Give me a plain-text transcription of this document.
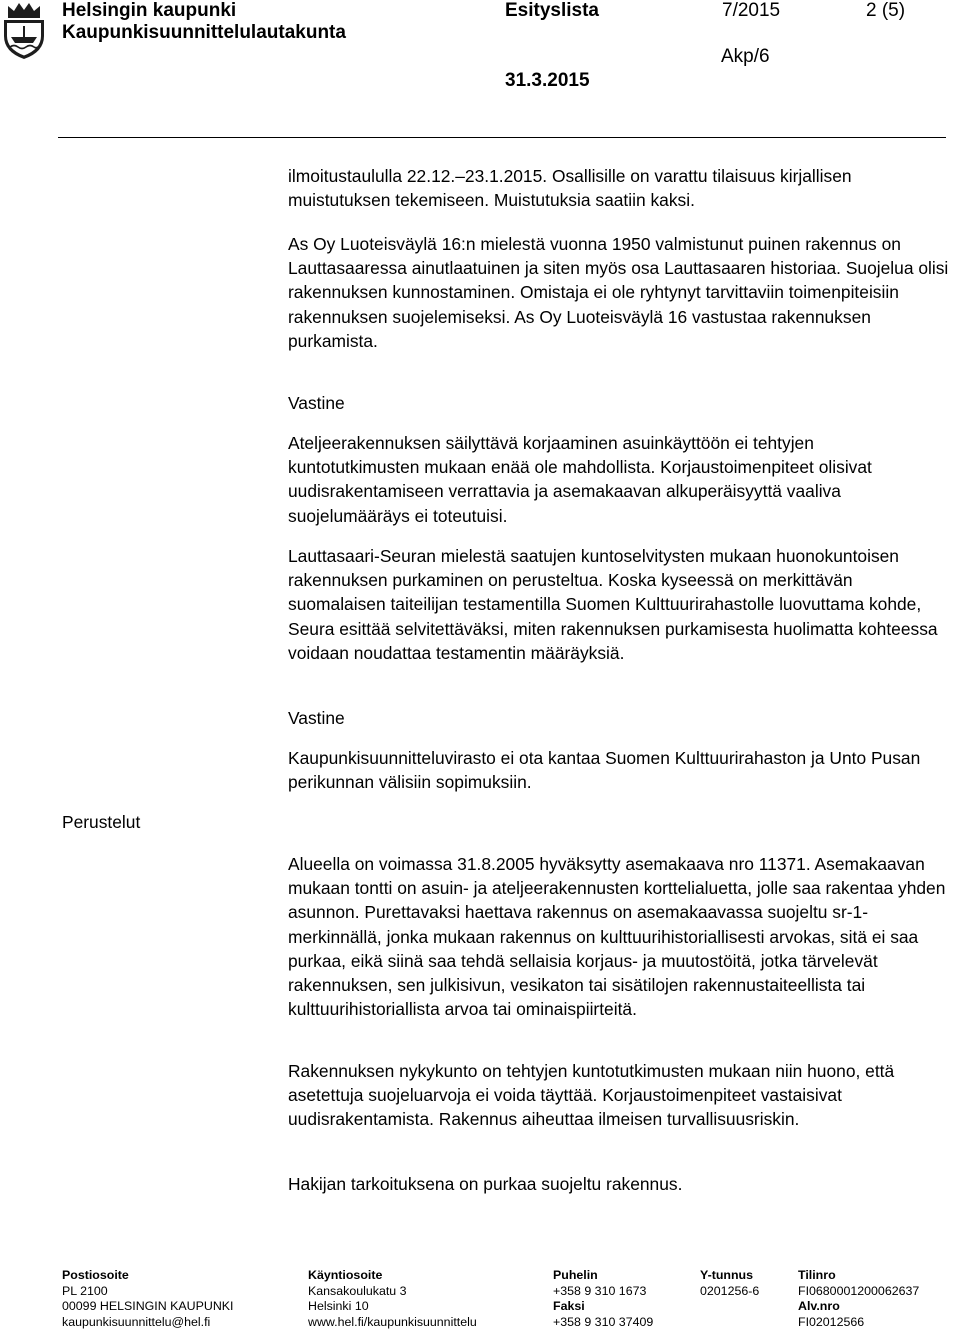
Helsingin kaupunki
Kaupunkisuunnittelulautakunta
Esityslista	7/2015	2 (5)
Akp/6
31.3.2015

ilmoitustaululla 22.12.–23.1.2015. Osallisille on varattu tilaisuus kirjallisen muistutuksen tekemiseen. Muistutuksia saatiin kaksi.

As Oy Luoteisväylä 16:n mielestä vuonna 1950 valmistunut puinen rakennus on Lauttasaaressa ainutlaatuinen ja siten myös osa Lauttasaaren historiaa. Suojelua olisi rakennuksen kunnostaminen. Omistaja ei ole ryhtynyt tarvittaviin toimenpiteisiin rakennuksen suojelemiseksi. As Oy Luoteisväylä 16 vastustaa rakennuksen purkamista.

Vastine

Ateljeerakennuksen säilyttävä korjaaminen asuinkäyttöön ei tehtyjen kuntotutkimusten mukaan enää ole mahdollista. Korjaustoimenpiteet olisivat uudisrakentamiseen verrattavia ja asemakaavan alkuperäisyyttä vaaliva suojelumääräys ei toteutuisi.

Lauttasaari-Seuran mielestä saatujen kuntoselvitysten mukaan huonokuntoisen rakennuksen purkaminen on perusteltua. Koska kyseessä on merkittävän suomalaisen taiteilijan testamentilla Suomen Kulttuurirahastolle luovuttama kohde, Seura esittää selvitettäväksi, miten rakennuksen purkamisesta huolimatta kohteessa voidaan noudattaa testamentin määräyksiä.

Vastine

Kaupunkisuunnitteluvirasto ei ota kantaa Suomen Kulttuurirahaston ja Unto Pusan perikunnan välisiin sopimuksiin.

Perustelut

Alueella on voimassa 31.8.2005 hyväksytty asemakaava nro 11371. Asemakaavan mukaan tontti on asuin- ja ateljeerakennusten korttelialuetta, jolle saa rakentaa yhden asunnon. Purettavaksi haettava rakennus on asemakaavassa suojeltu sr-1-merkinnällä, jonka mukaan rakennus on kulttuurihistoriallisesti arvokas, sitä ei saa purkaa, eikä siinä saa tehdä sellaisia korjaus- ja muutostöitä, jotka tärvelevät rakennuksen, sen julkisivun, vesikaton tai sisätilojen rakennustaiteellista tai kulttuurihistoriallista arvoa tai ominaispiirteitä.

Rakennuksen nykykunto on tehtyjen kuntotutkimusten mukaan niin huono, että asetettuja suojeluarvoja ei voida täyttää. Korjaustoimenpiteet vastaisivat uudisrakentamista. Rakennus aiheuttaa ilmeisen turvallisuusriskin.

Hakijan tarkoituksena on purkaa suojeltu rakennus.

Postiosoite
PL 2100
00099 HELSINGIN KAUPUNKI
kaupunkisuunnittelu@hel.fi
Käyntiosoite
Kansakoulukatu 3
Helsinki 10
www.hel.fi/kaupunkisuunnittelu
Puhelin
+358 9 310 1673
Faksi
+358 9 310 37409
Y-tunnus
0201256-6
Tilinro
FI0680001200062637
Alv.nro
FI02012566
